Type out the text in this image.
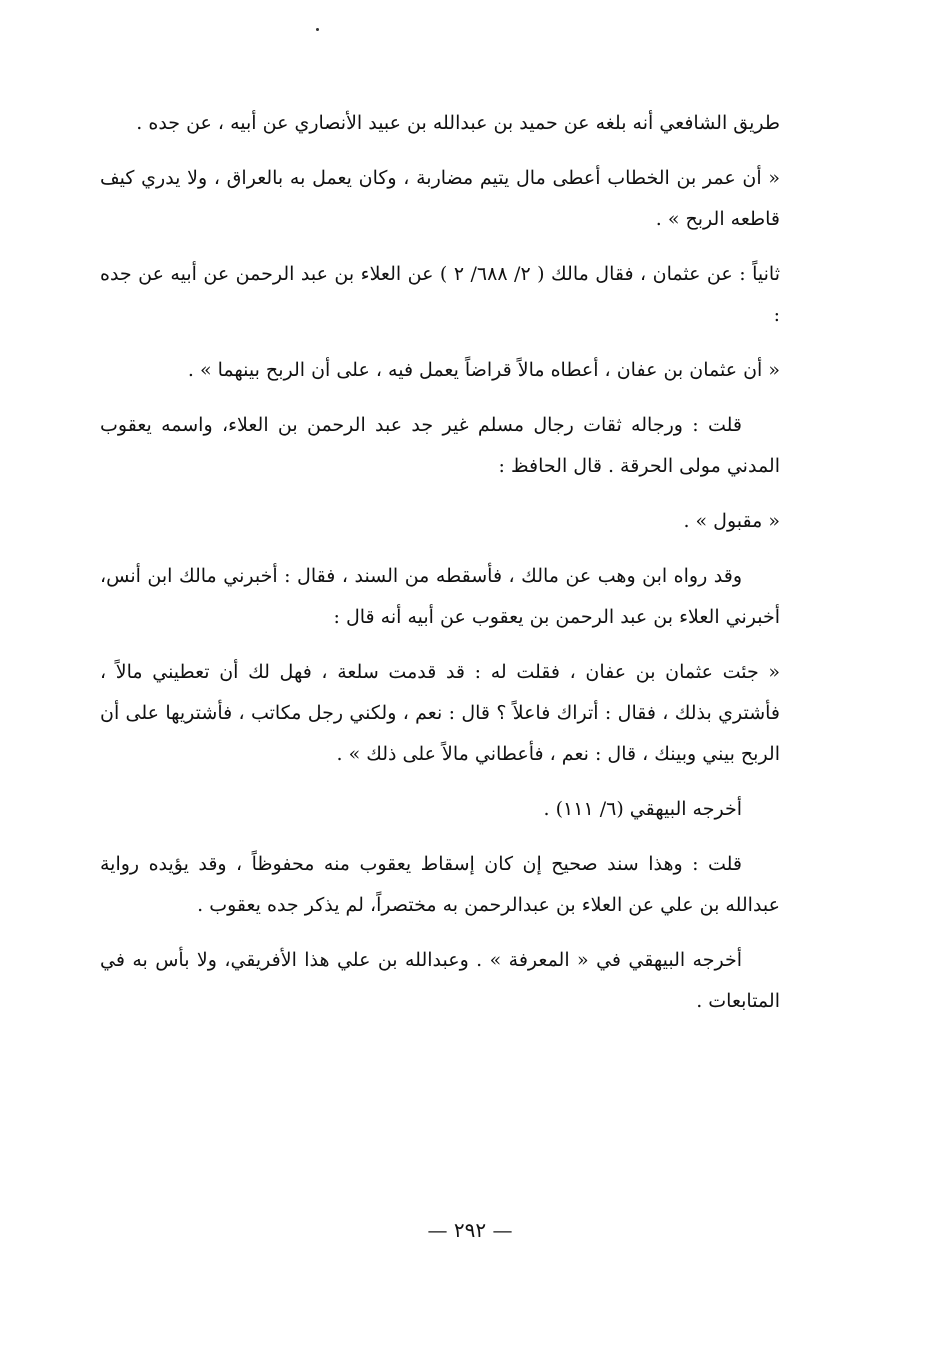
طريق الشافعي أنه بلغه عن حميد بن عبدالله بن عبيد الأنصاري عن أبيه ، عن جده .

« أن عمر بن الخطاب أعطى مال يتيم مضاربة ، وكان يعمل به بالعراق ، ولا يدري كيف قاطعه الربح » .

ثانياً : عن عثمان ، فقال مالك ( ٢/ ٦٨٨/ ٢ ) عن العلاء بن عبد الرحمن عن أبيه عن جده :

« أن عثمان بن عفان ، أعطاه مالاً قراضاً يعمل فيه ، على أن الربح بينهما » .

قلت : ورجاله ثقات رجال مسلم غير جد عبد الرحمن بن العلاء، واسمه يعقوب المدني مولى الحرقة . قال الحافظ :

« مقبول » .

وقد رواه ابن وهب عن مالك ، فأسقطه من السند ، فقال : أخبرني مالك ابن أنس، أخبرني العلاء بن عبد الرحمن بن يعقوب عن أبيه أنه قال :

« جئت عثمان بن عفان ، فقلت له : قد قدمت سلعة ، فهل لك أن تعطيني مالاً ، فأشتري بذلك ، فقال : أتراك فاعلاً ؟ قال : نعم ، ولكني رجل مكاتب ، فأشتريها على أن الربح بيني وبينك ، قال : نعم ، فأعطاني مالاً على ذلك » .

أخرجه البيهقي (٦/ ١١١) .

قلت : وهذا سند صحيح إن كان إسقاط يعقوب منه محفوظاً ، وقد يؤيده رواية عبدالله بن علي عن العلاء بن عبدالرحمن به مختصراً، لم يذكر جده يعقوب .

أخرجه البيهقي في « المعرفة » . وعبدالله بن علي هذا الأفريقي، ولا بأس به في المتابعات .

— ٢٩٢ —
